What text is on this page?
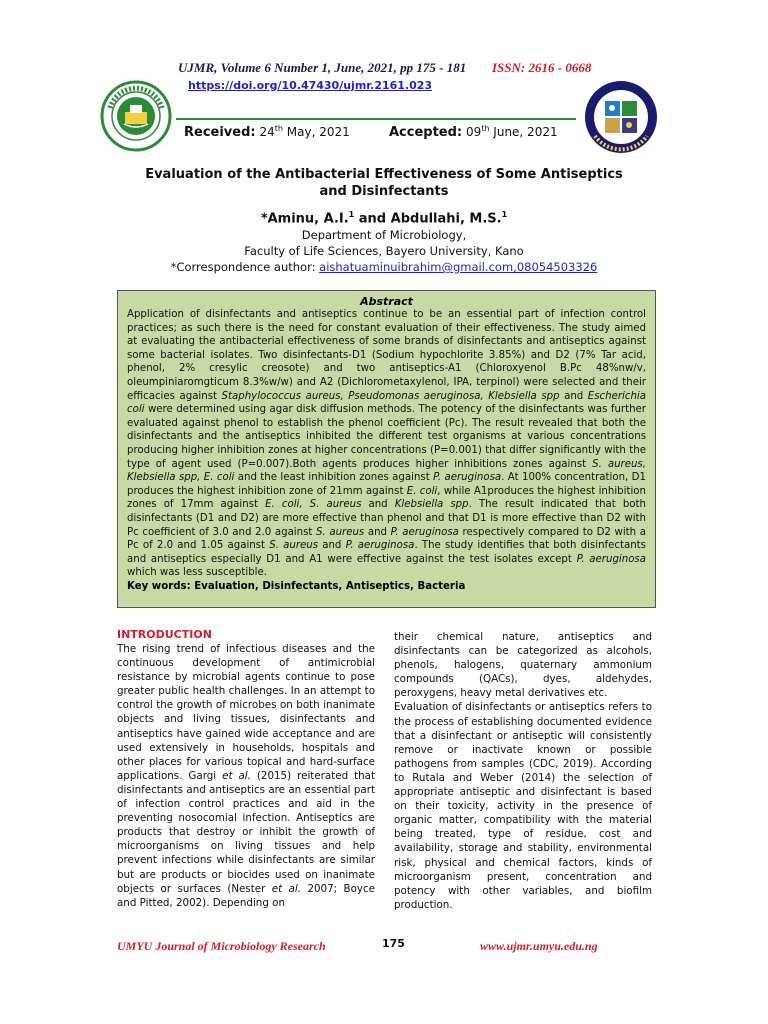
UJMR, Volume 6 Number 1, June, 2021, pp 175 - 181 ISSN: 2616 - 0668
https://doi.org/10.47430/ujmr.2161.023
Received: 24th May, 2021	Accepted: 09th June, 2021
Evaluation of the Antibacterial Effectiveness of Some Antiseptics and Disinfectants
*Aminu, A.I.$^1$ and Abdullahi, M.S.$^1$
Department of Microbiology,
Faculty of Life Sciences, Bayero University, Kano
*Correspondence author: aishatuaminuibrahim@gmail.com,08054503326
Abstract
Application of disinfectants and antiseptics continue to be an essential part of infection control practices; as such there is the need for constant evaluation of their effectiveness. The study aimed at evaluating the antibacterial effectiveness of some brands of disinfectants and antiseptics against some bacterial isolates. Two disinfectants-D1 (Sodium hypochlorite 3.85%) and D2 (7% Tar acid, phenol, 2% cresylic creosote) and two antiseptics-A1 (Chloroxyenol B.Pc 48%nw/v, oleumpiniaromgticum 8.3%w/w) and A2 (Dichlorometaxylenol, IPA, terpinol) were selected and their efficacies against Staphylococcus aureus, Pseudomonas aeruginosa, Klebsiella spp and Escherichia coli were determined using agar disk diffusion methods. The potency of the disinfectants was further evaluated against phenol to establish the phenol coefficient (Pc). The result revealed that both the disinfectants and the antiseptics inhibited the different test organisms at various concentrations producing higher inhibition zones at higher concentrations (P=0.001) that differ significantly with the type of agent used (P=0.007).Both agents produces higher inhibitions zones against S. aureus, Klebsiella spp, E. coli and the least inhibition zones against P. aeruginosa. At 100% concentration, D1 produces the highest inhibition zone of 21mm against E. coli, while A1produces the highest inhibition zones of 17mm against E. coli, S. aureus and Klebsiella spp. The result indicated that both disinfectants (D1 and D2) are more effective than phenol and that D1 is more effective than D2 with Pc coefficient of 3.0 and 2.0 against S. aureus and P. aeruginosa respectively compared to D2 with a Pc of 2.0 and 1.05 against S. aureus and P. aeruginosa. The study identifies that both disinfectants and antiseptics especially D1 and A1 were effective against the test isolates except P. aeruginosa which was less susceptible.
Key words: Evaluation, Disinfectants, Antiseptics, Bacteria
INTRODUCTION
The rising trend of infectious diseases and the continuous development of antimicrobial resistance by microbial agents continue to pose greater public health challenges. In an attempt to control the growth of microbes on both inanimate objects and living tissues, disinfectants and antiseptics have gained wide acceptance and are used extensively in households, hospitals and other places for various topical and hard-surface applications. Gargi et al. (2015) reiterated that disinfectants and antiseptics are an essential part of infection control practices and aid in the preventing nosocomial infection. Antiseptics are products that destroy or inhibit the growth of microorganisms on living tissues and help prevent infections while disinfectants are similar but are products or biocides used on inanimate objects or surfaces (Nester et al. 2007; Boyce and Pitted, 2002). Depending on
their chemical nature, antiseptics and disinfectants can be categorized as alcohols, phenols, halogens, quaternary ammonium compounds (QACs), dyes, aldehydes, peroxygens, heavy metal derivatives etc.
Evaluation of disinfectants or antiseptics refers to the process of establishing documented evidence that a disinfectant or antiseptic will consistently remove or inactivate known or possible pathogens from samples (CDC, 2019). According to Rutala and Weber (2014) the selection of appropriate antiseptic and disinfectant is based on their toxicity, activity in the presence of organic matter, compatibility with the material being treated, type of residue, cost and availability, storage and stability, environmental risk, physical and chemical factors, kinds of microorganism present, concentration and potency with other variables, and biofilm production.
UMYU Journal of Microbiology Research	175	www.ujmr.umyu.edu.ng
